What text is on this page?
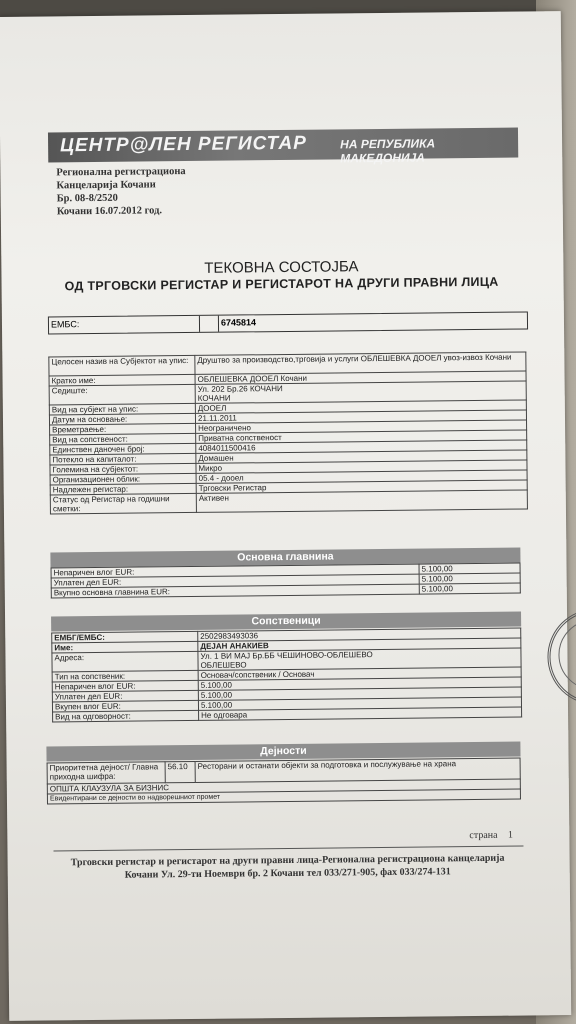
ЦЕНТР@ЛЕН РЕГИСТАР	НА РЕПУБЛИКА МАКЕДОНИЈА
Регионална регистрациона
Канцеларија Кочани
Бр. 08-8/2520
Кочани 16.07.2012 год.
ТЕКОВНА СОСТОЈБА
ОД ТРГОВСКИ РЕГИСТАР И РЕГИСТАРОТ НА ДРУГИ ПРАВНИ ЛИЦА
ЕМБС:	6745814
Целосен назив на Субјектот на упис:	Друштво за производство,трговија и услуги ОБЛЕШЕВКА ДООЕЛ увоз-извоз Кочани
Кратко име:	ОБЛЕШЕВКА ДООЕЛ Кочани
Седиште:	Ул. 202 Бр.26 КОЧАНИ
КОЧАНИ

Вид на субјект на упис:	ДООЕЛ
Датум на основање:	21.11.2011
Времетраење:	Неограничено
Вид на сопственост:	Приватна сопственост
Единствен даночен број:	4084011500416
Потекло на капиталот:	Домашен
Големина на субјектот:	Микро
Организационен облик:	05.4 - дооел
Надлежен регистар:	Трговски Регистар
Статус од Регистар на годишни сметки:	Активен
Основна главнина
Непаричен влог EUR:	5.100,00
Уплатен дел EUR:	5.100,00
Вкупно основна главнина EUR:	5.100,00
Сопственици
ЕМБГ/ЕМБС:	2502983493036
Име:	ДЕЈАН АНАКИЕВ
Адреса:	Ул. 1 ВИ МАЈ Бр.ББ ЧЕШИНОВО-ОБЛЕШЕВО
ОБЛЕШЕВО

Тип на сопственик:	Основач/сопственик / Основач
Непаричен влог EUR:	5.100,00
Уплатен дел EUR:	5.100,00
Вкупен влог EUR:	5.100,00
Вид на одговорност:	Не одговара
Дејности
Приоритетна дејност/ Главна приходна шифра:	56.10	Ресторани и останати објекти за подготовка и послужување на храна
ОПШТА КЛАУЗУЛА ЗА БИЗНИС
Евидентирани се дејности во надворешниот промет
страна 1
Трговски регистар и регистарот на други правни лица-Регионална регистрациона канцеларија
Кочани Ул. 29-ти Ноември бр. 2 Кочани тел 033/271-905, фах 033/274-131
